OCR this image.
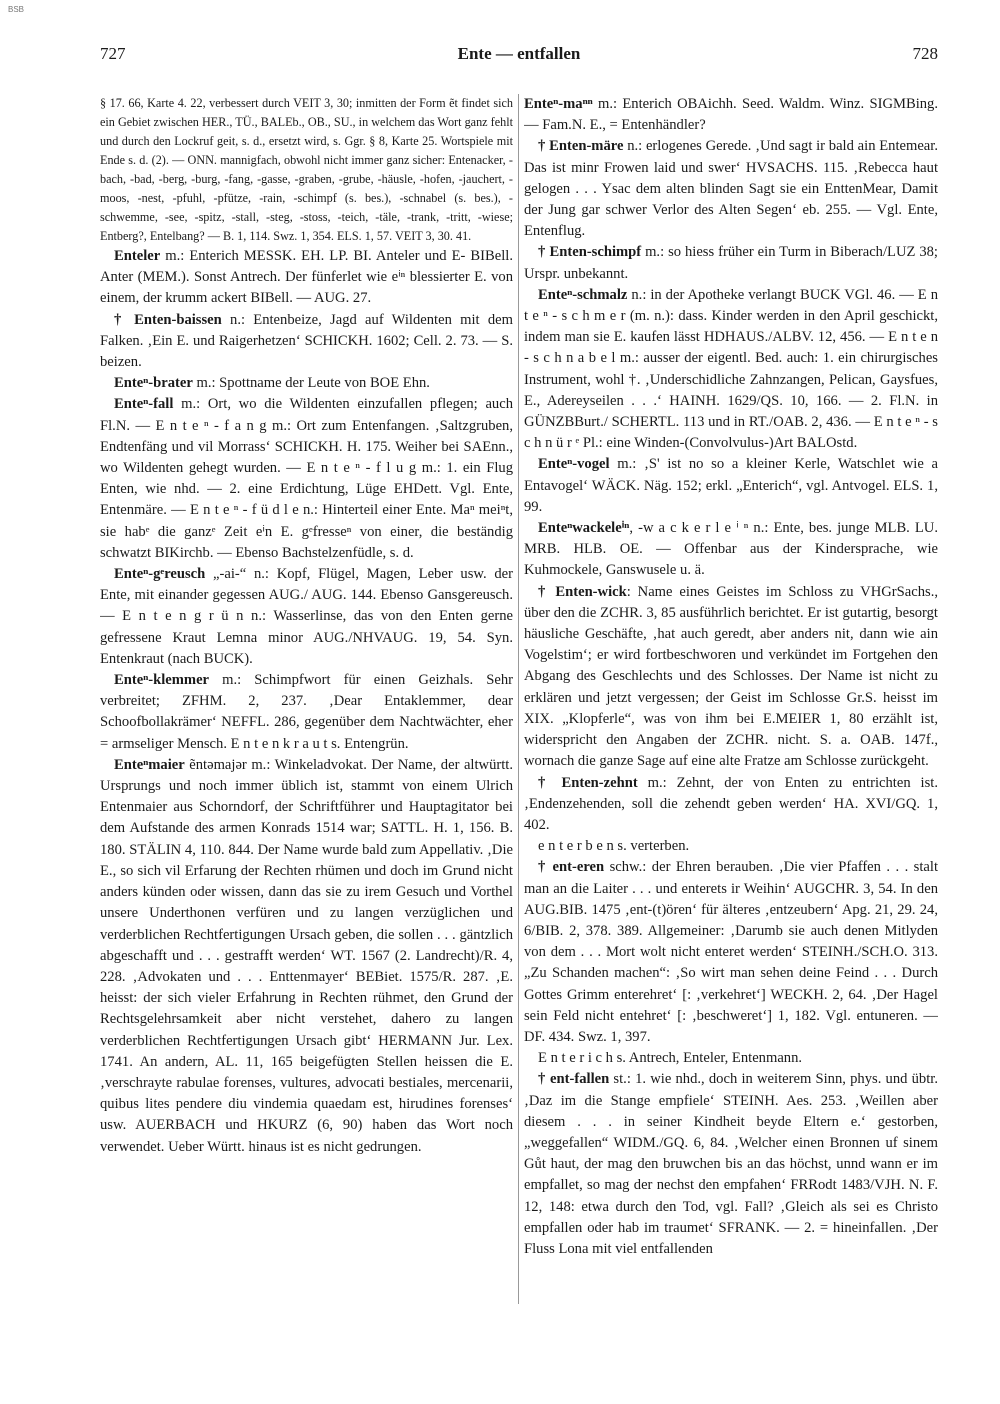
BSB
727	Ente — entfallen	728

§ 17. 66, Karte 4. 22, verbessert durch VEIT 3, 30; inmitten der Form ẽt findet sich ein Gebiet zwischen HER., TÜ., BALEb., OB., SU., in welchem das Wort ganz fehlt und durch den Lockruf geit, s. d., ersetzt wird, s. Ggr. § 8, Karte 25. Wortspiele mit Ende s. d. (2). — ONN. mannigfach, obwohl nicht immer ganz sicher: Entenacker, -bach, -bad, -berg, -burg, -fang, -gasse, -graben, -grube, -häusle, -hofen, -jauchert, -moos, -nest, -pfuhl, -pfütze, -rain, -schimpf (s. bes.), -schnabel (s. bes.), -schwemme, -see, -spitz, -stall, -steg, -stoss, -teich, -täle, -trank, -tritt, -wiese; Entberg?, Entelbang? — B. 1, 114. Swz. 1, 354. ELS. 1, 57. VEIT 3, 30. 41.

Enteler m.: Enterich MESSK. EH. LP. BI. Anteler und E- BIBell. Anter (MEM.). Sonst Antrech. Der fünferlet wie eⁱⁿ blessierter E. von einem, der krumm ackert BIBell. — AUG. 27.

† Enten-baissen n.: Entenbeize, Jagd auf Wildenten mit dem Falken. ‚Ein E. und Raigerhetzen‘ SCHICKH. 1602; Cell. 2. 73. — S. beizen.

Enteⁿ-brater m.: Spottname der Leute von BOE Ehn.

Enteⁿ-fall m.: Ort, wo die Wildenten einzufallen pflegen; auch Fl.N. — E n t e ⁿ - f a n g m.: Ort zum Entenfangen. ‚Saltzgruben, Endtenfäng und vil Morrass‘ SCHICKH. H. 175. Weiher bei SAEnn., wo Wildenten gehegt wurden. — E n t e ⁿ - f l u g m.: 1. ein Flug Enten, wie nhd. — 2. eine Erdichtung, Lüge EHDett. Vgl. Ente, Entenmäre. — E n t e ⁿ - f ü d l e n.: Hinterteil einer Ente. Maⁿ meiⁿt, sie habᵉ die ganzᵉ Zeit eⁱn E. gᵉfresseⁿ von einer, die beständig schwatzt BIKirchb. — Ebenso Bachstelzenfüdle, s. d.

Enteⁿ-gᵉreusch „-ai-“ n.: Kopf, Flügel, Magen, Leber usw. der Ente, mit einander gegessen AUG./ AUG. 144. Ebenso Gansgereusch. — E n t e n g r ü n n.: Wasserlinse, das von den Enten gerne gefressene Kraut Lemna minor AUG./NHVAUG. 19, 54. Syn. Entenkraut (nach BUCK).

Enteⁿ-klemmer m.: Schimpfwort für einen Geizhals. Sehr verbreitet; ZFHM. 2, 237. ‚Dear Entaklemmer, dear Schoofbollakrämer‘ NEFFL. 286, gegenüber dem Nachtwächter, eher = armseliger Mensch. E n t e n k r a u t s. Entengrün.

Enteⁿmaier ẽntəmajər m.: Winkeladvokat. Der Name, der altwürtt. Ursprungs und noch immer üblich ist, stammt von einem Ulrich Entenmaier aus Schorndorf, der Schriftführer und Hauptagitator bei dem Aufstande des armen Konrads 1514 war; SATTL. H. 1, 156. B. 180. STÄLIN 4, 110. 844. Der Name wurde bald zum Appellativ. ‚Die E., so sich vil Erfarung der Rechten rhümen und doch im Grund nicht anders künden oder wissen, dann das sie zu irem Gesuch und Vorthel unsere Underthonen verfüren und zu langen verzüglichen und verderblichen Rechtfertigungen Ursach geben, die sollen . . . gäntzlich abgeschafft und . . . gestrafft werden‘ WT. 1567 (2. Landrecht)/R. 4, 228. ‚Advokaten und . . . Enttenmayer‘ BEBiet. 1575/R. 287. ‚E. heisst: der sich vieler Erfahrung in Rechten rühmet, den Grund der Rechtsgelehrsamkeit aber nicht verstehet, dahero zu langen verderblichen Rechtfertigungen Ursach gibt‘ HERMANN Jur. Lex. 1741. An andern, AL. 11, 165 beigefügten Stellen heissen die E. ‚verschrayte rabulae forenses, vultures, advocati bestiales, mercenarii, quibus lites pendere diu vindemia quaedam est, hirudines forenses‘ usw. AUERBACH und HKURZ (6, 90) haben das Wort noch verwendet. Ueber Württ. hinaus ist es nicht gedrungen.

Enteⁿ-maⁿⁿ m.: Enterich OBAichh. Seed. Waldm. Winz. SIGMBing. — Fam.N. E., = Entenhändler?

† Enten-märe n.: erlogenes Gerede. ‚Und sagt ir bald ain Entemear. Das ist minr Frowen laid und swer‘ HVSACHS. 115. ‚Rebecca haut gelogen . . . Ysac dem alten blinden Sagt sie ein EnttenMear, Damit der Jung gar schwer Verlor des Alten Segen‘ eb. 255. — Vgl. Ente, Entenflug.

† Enten-schimpf m.: so hiess früher ein Turm in Biberach/LUZ 38; Urspr. unbekannt.

Enteⁿ-schmalz n.: in der Apotheke verlangt BUCK VGl. 46. — E n t e ⁿ - s c h m e r (m. n.): dass. Kinder werden in den April geschickt, indem man sie E. kaufen lässt HDHAUS./ALBV. 12, 456. — E n t e n - s c h n a b e l m.: ausser der eigentl. Bed. auch: 1. ein chirurgisches Instrument, wohl †. ‚Underschidliche Zahnzangen, Pelican, Gaysfues, E., Adereyseilen . . .‘ HAINH. 1629/QS. 10, 166. — 2. Fl.N. in GÜNZBBurt./ SCHERTL. 113 und in RT./OAB. 2, 436. — E n t e ⁿ - s c h n ü r ᵉ Pl.: eine Winden-(Convolvulus-)Art BALOstd.

Enteⁿ-vogel m.: ‚S' ist no so a kleiner Kerle, Watschlet wie a Entavogel‘ WÄCK. Näg. 152; erkl. „Enterich“, vgl. Antvogel. ELS. 1, 99.

Enteⁿwackeleⁱⁿ, -w a c k e r l e ⁱ ⁿ n.: Ente, bes. junge MLB. LU. MRB. HLB. OE. — Offenbar aus der Kindersprache, wie Kuhmockele, Ganswusele u. ä.

† Enten-wick: Name eines Geistes im Schloss zu VHGrSachs., über den die ZCHR. 3, 85 ausführlich berichtet. Er ist gutartig, besorgt häusliche Geschäfte, ‚hat auch geredt, aber anders nit, dann wie ain Vogelstim‘; er wird fortbeschworen und verkündet im Fortgehen den Abgang des Geschlechts und des Schlosses. Der Name ist nicht zu erklären und jetzt vergessen; der Geist im Schlosse Gr.S. heisst im XIX. „Klopferle“, was von ihm bei E.MEIER 1, 80 erzählt ist, widerspricht den Angaben der ZCHR. nicht. S. a. OAB. 147f., wornach die ganze Sage auf eine alte Fratze am Schlosse zurückgeht.

† Enten-zehnt m.: Zehnt, der von Enten zu entrichten ist. ‚Endenzehenden, soll die zehendt geben werden‘ HA. XVI/GQ. 1, 402.

e n t e r b e n s. verterben.

† ent-eren schw.: der Ehren berauben. ‚Die vier Pfaffen . . . stalt man an die Laiter . . . und enterets ir Weihin‘ AUGCHR. 3, 54. In den AUG.BIB. 1475 ‚ent-(t)ören‘ für älteres ‚entzeubern‘ Apg. 21, 29. 24, 6/BIB. 2, 378. 389. Allgemeiner: ‚Darumb sie auch denen Mitlyden von dem . . . Mort wolt nicht enteret werden‘ STEINH./SCH.O. 313. „Zu Schanden machen“: ‚So wirt man sehen deine Feind . . . Durch Gottes Grimm enterehret‘ [: ‚verkehret‘] WECKH. 2, 64. ‚Der Hagel sein Feld nicht entehret‘ [: ‚beschweret‘] 1, 182. Vgl. entuneren. — DF. 434. Swz. 1, 397.

E n t e r i c h s. Antrech, Enteler, Entenmann.

† ent-fallen st.: 1. wie nhd., doch in weiterem Sinn, phys. und übtr. ‚Daz im die Stange empfiele‘ STEINH. Aes. 253. ‚Weillen aber diesem . . . in seiner Kindheit beyde Eltern e.‘ gestorben, „weggefallen“ WIDM./GQ. 6, 84. ‚Welcher einen Bronnen uf sinem Gůt haut, der mag den bruwchen bis an das höchst, unnd wann er im empfallet, so mag der nechst den empfahen‘ FRRodt 1483/VJH. N. F. 12, 148: etwa durch den Tod, vgl. Fall? ‚Gleich als sei es Christo empfallen oder hab im traumet‘ SFRANK. — 2. = hineinfallen. ‚Der Fluss Lona mit viel entfallenden
